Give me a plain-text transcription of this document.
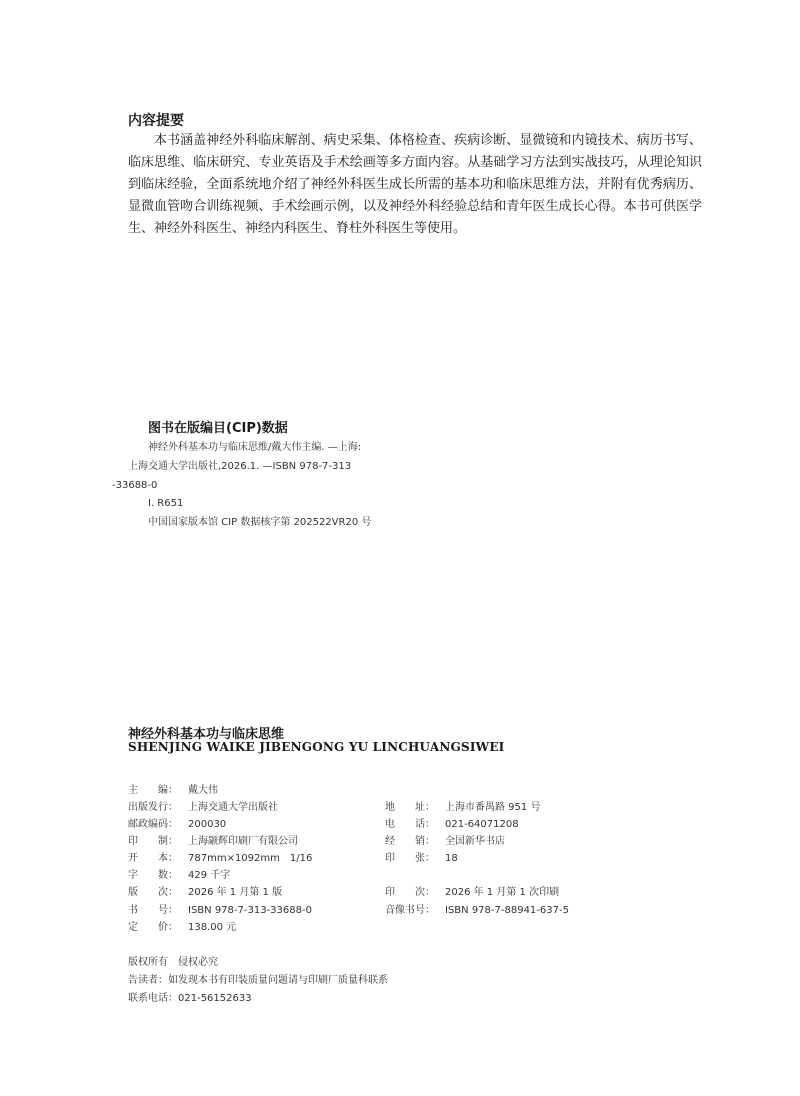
内容提要
本书涵盖神经外科临床解剖、病史采集、体格检查、疾病诊断、显微镜和内镜技术、病历书写、临床思维、临床研究、专业英语及手术绘画等多方面内容。从基础学习方法到实战技巧，从理论知识到临床经验，全面系统地介绍了神经外科医生成长所需的基本功和临床思维方法，并附有优秀病历、显微血管吻合训练视频、手术绘画示例，以及神经外科经验总结和青年医生成长心得。本书可供医学生、神经外科医生、神经内科医生、脊柱外科医生等使用。
图书在版编目(CIP)数据
神经外科基本功与临床思维/戴大伟主编. —上海:
上海交通大学出版社,2026.1. —ISBN 978-7-313
-33688-0
Ⅰ. R651
中国国家版本馆 CIP 数据核字第 202522VR20 号
神经外科基本功与临床思维
SHENJING WAIKE JIBENGONG YU LINCHUANGSIWEI
主　　编： 戴大伟
出版发行： 上海交通大学出版社
邮政编码： 200030
印　　制： 上海颛辉印刷厂有限公司
开　　本： 787mm×1092mm　1/16
字　　数： 429 千字
版　　次： 2026 年 1 月第 1 版
书　　号： ISBN 978-7-313-33688-0
定　　价： 138.00 元
地　　址： 上海市番禺路 951 号
电　　话： 021-64071208
经　　销： 全国新华书店
印　　张： 18
印　　次： 2026 年 1 月第 1 次印刷
音像书号： ISBN 978-7-88941-637-5
版权所有　侵权必究
告读者：如发现本书有印装质量问题请与印刷厂质量科联系
联系电话：021-56152633
